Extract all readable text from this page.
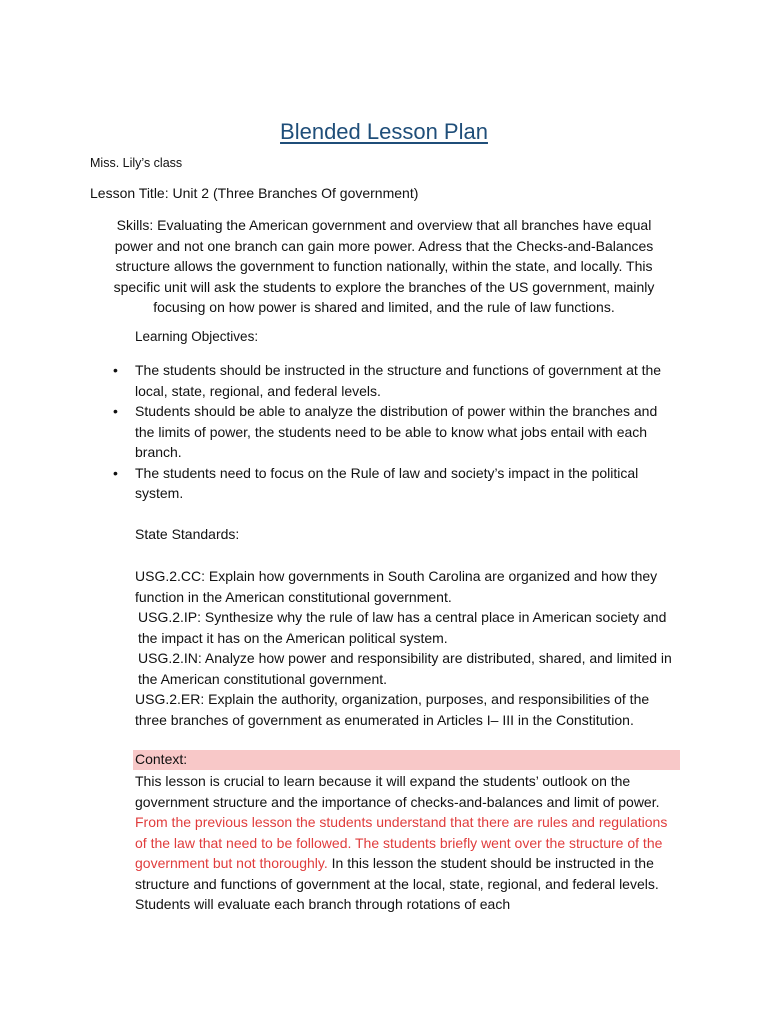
Blended Lesson Plan

Miss. Lily’s class

Lesson Title: Unit 2 (Three Branches Of government)

Skills: Evaluating the American government and overview that all branches have equal power and not one branch can gain more power. Adress that the Checks-and-Balances structure allows the government to function nationally, within the state, and locally. This specific unit will ask the students to explore the branches of the US government, mainly focusing on how power is shared and limited, and the rule of law functions.

Learning Objectives:

• The students should be instructed in the structure and functions of government at the local, state, regional, and federal levels.
• Students should be able to analyze the distribution of power within the branches and the limits of power, the students need to be able to know what jobs entail with each branch.
• The students need to focus on the Rule of law and society’s impact in the political system.

State Standards:

USG.2.CC: Explain how governments in South Carolina are organized and how they function in the American constitutional government.

USG.2.IP: Synthesize why the rule of law has a central place in American society and the impact it has on the American political system.

USG.2.IN: Analyze how power and responsibility are distributed, shared, and limited in the American constitutional government.

USG.2.ER: Explain the authority, organization, purposes, and responsibilities of the three branches of government as enumerated in Articles I– III in the Constitution.

Context:

This lesson is crucial to learn because it will expand the students’ outlook on the government structure and the importance of checks-and-balances and limit of power. From the previous lesson the students understand that there are rules and regulations of the law that need to be followed. The students briefly went over the structure of the government but not thoroughly. In this lesson the student should be instructed in the structure and functions of government at the local, state, regional, and federal levels. Students will evaluate each branch through rotations of each
